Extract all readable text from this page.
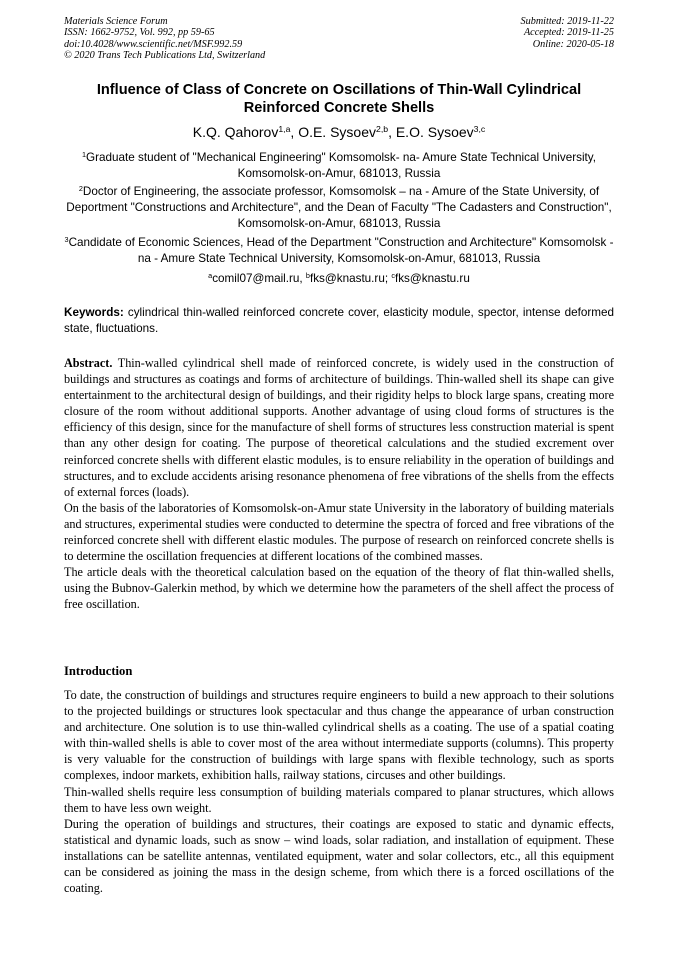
Materials Science Forum
ISSN: 1662-9752, Vol. 992, pp 59-65
doi:10.4028/www.scientific.net/MSF.992.59
© 2020 Trans Tech Publications Ltd, Switzerland
Submitted: 2019-11-22
Accepted: 2019-11-25
Online: 2020-05-18
Influence of Class of Concrete on Oscillations of Thin-Wall Cylindrical Reinforced Concrete Shells
K.Q. Qahorov$^{1,a}$, O.E. Sysoev$^{2,b}$, E.O. Sysoev$^{3,c}$
$^1$Graduate student of "Mechanical Engineering" Komsomolsk- na- Amure State Technical University, Komsomolsk-on-Amur, 681013, Russia
$^2$Doctor of Engineering, the associate professor, Komsomolsk – na - Amure of the State University, of Deportment "Constructions and Architecture", and the Dean of Faculty "The Cadasters and Construction", Komsomolsk-on-Amur, 681013, Russia
$^3$Candidate of Economic Sciences, Head of the Department "Construction and Architecture" Komsomolsk -na - Amure State Technical University, Komsomolsk-on-Amur, 681013, Russia
$^a$comil07@mail.ru, $^b$fks@knastu.ru; $^c$fks@knastu.ru
Keywords: cylindrical thin-walled reinforced concrete cover, elasticity module, spector, intense deformed state, fluctuations.

Abstract. Thin-walled cylindrical shell made of reinforced concrete, is widely used in the construction of buildings and structures as coatings and forms of architecture of buildings. Thin-walled shell its shape can give entertainment to the architectural design of buildings, and their rigidity helps to block large spans, creating more closure of the room without additional supports. Another advantage of using cloud forms of structures is the efficiency of this design, since for the manufacture of shell forms of structures less construction material is spent than any other design for coating. The purpose of theoretical calculations and the studied excrement over reinforced concrete shells with different elastic modules, is to ensure reliability in the operation of buildings and structures, and to exclude accidents arising resonance phenomena of free vibrations of the shells from the effects of external forces (loads).

On the basis of the laboratories of Komsomolsk-on-Amur state University in the laboratory of building materials and structures, experimental studies were conducted to determine the spectra of forced and free vibrations of the reinforced concrete shell with different elastic modules. The purpose of research on reinforced concrete shells is to determine the oscillation frequencies at different locations of the combined masses.

The article deals with the theoretical calculation based on the equation of the theory of flat thin-walled shells, using the Bubnov-Galerkin method, by which we determine how the parameters of the shell affect the process of free oscillation.

Introduction

To date, the construction of buildings and structures require engineers to build a new approach to their solutions to the projected buildings or structures look spectacular and thus change the appearance of urban construction and architecture. One solution is to use thin-walled cylindrical shells as a coating. The use of a spatial coating with thin-walled shells is able to cover most of the area without intermediate supports (columns). This property is very valuable for the construction of buildings with large spans with flexible technology, such as sports complexes, indoor markets, exhibition halls, railway stations, circuses and other buildings.

Thin-walled shells require less consumption of building materials compared to planar structures, which allows them to have less own weight.

During the operation of buildings and structures, their coatings are exposed to static and dynamic effects, statistical and dynamic loads, such as snow – wind loads, solar radiation, and installation of equipment. These installations can be satellite antennas, ventilated equipment, water and solar collectors, etc., all this equipment can be considered as joining the mass in the design scheme, from which there is a forced oscillations of the coating.
